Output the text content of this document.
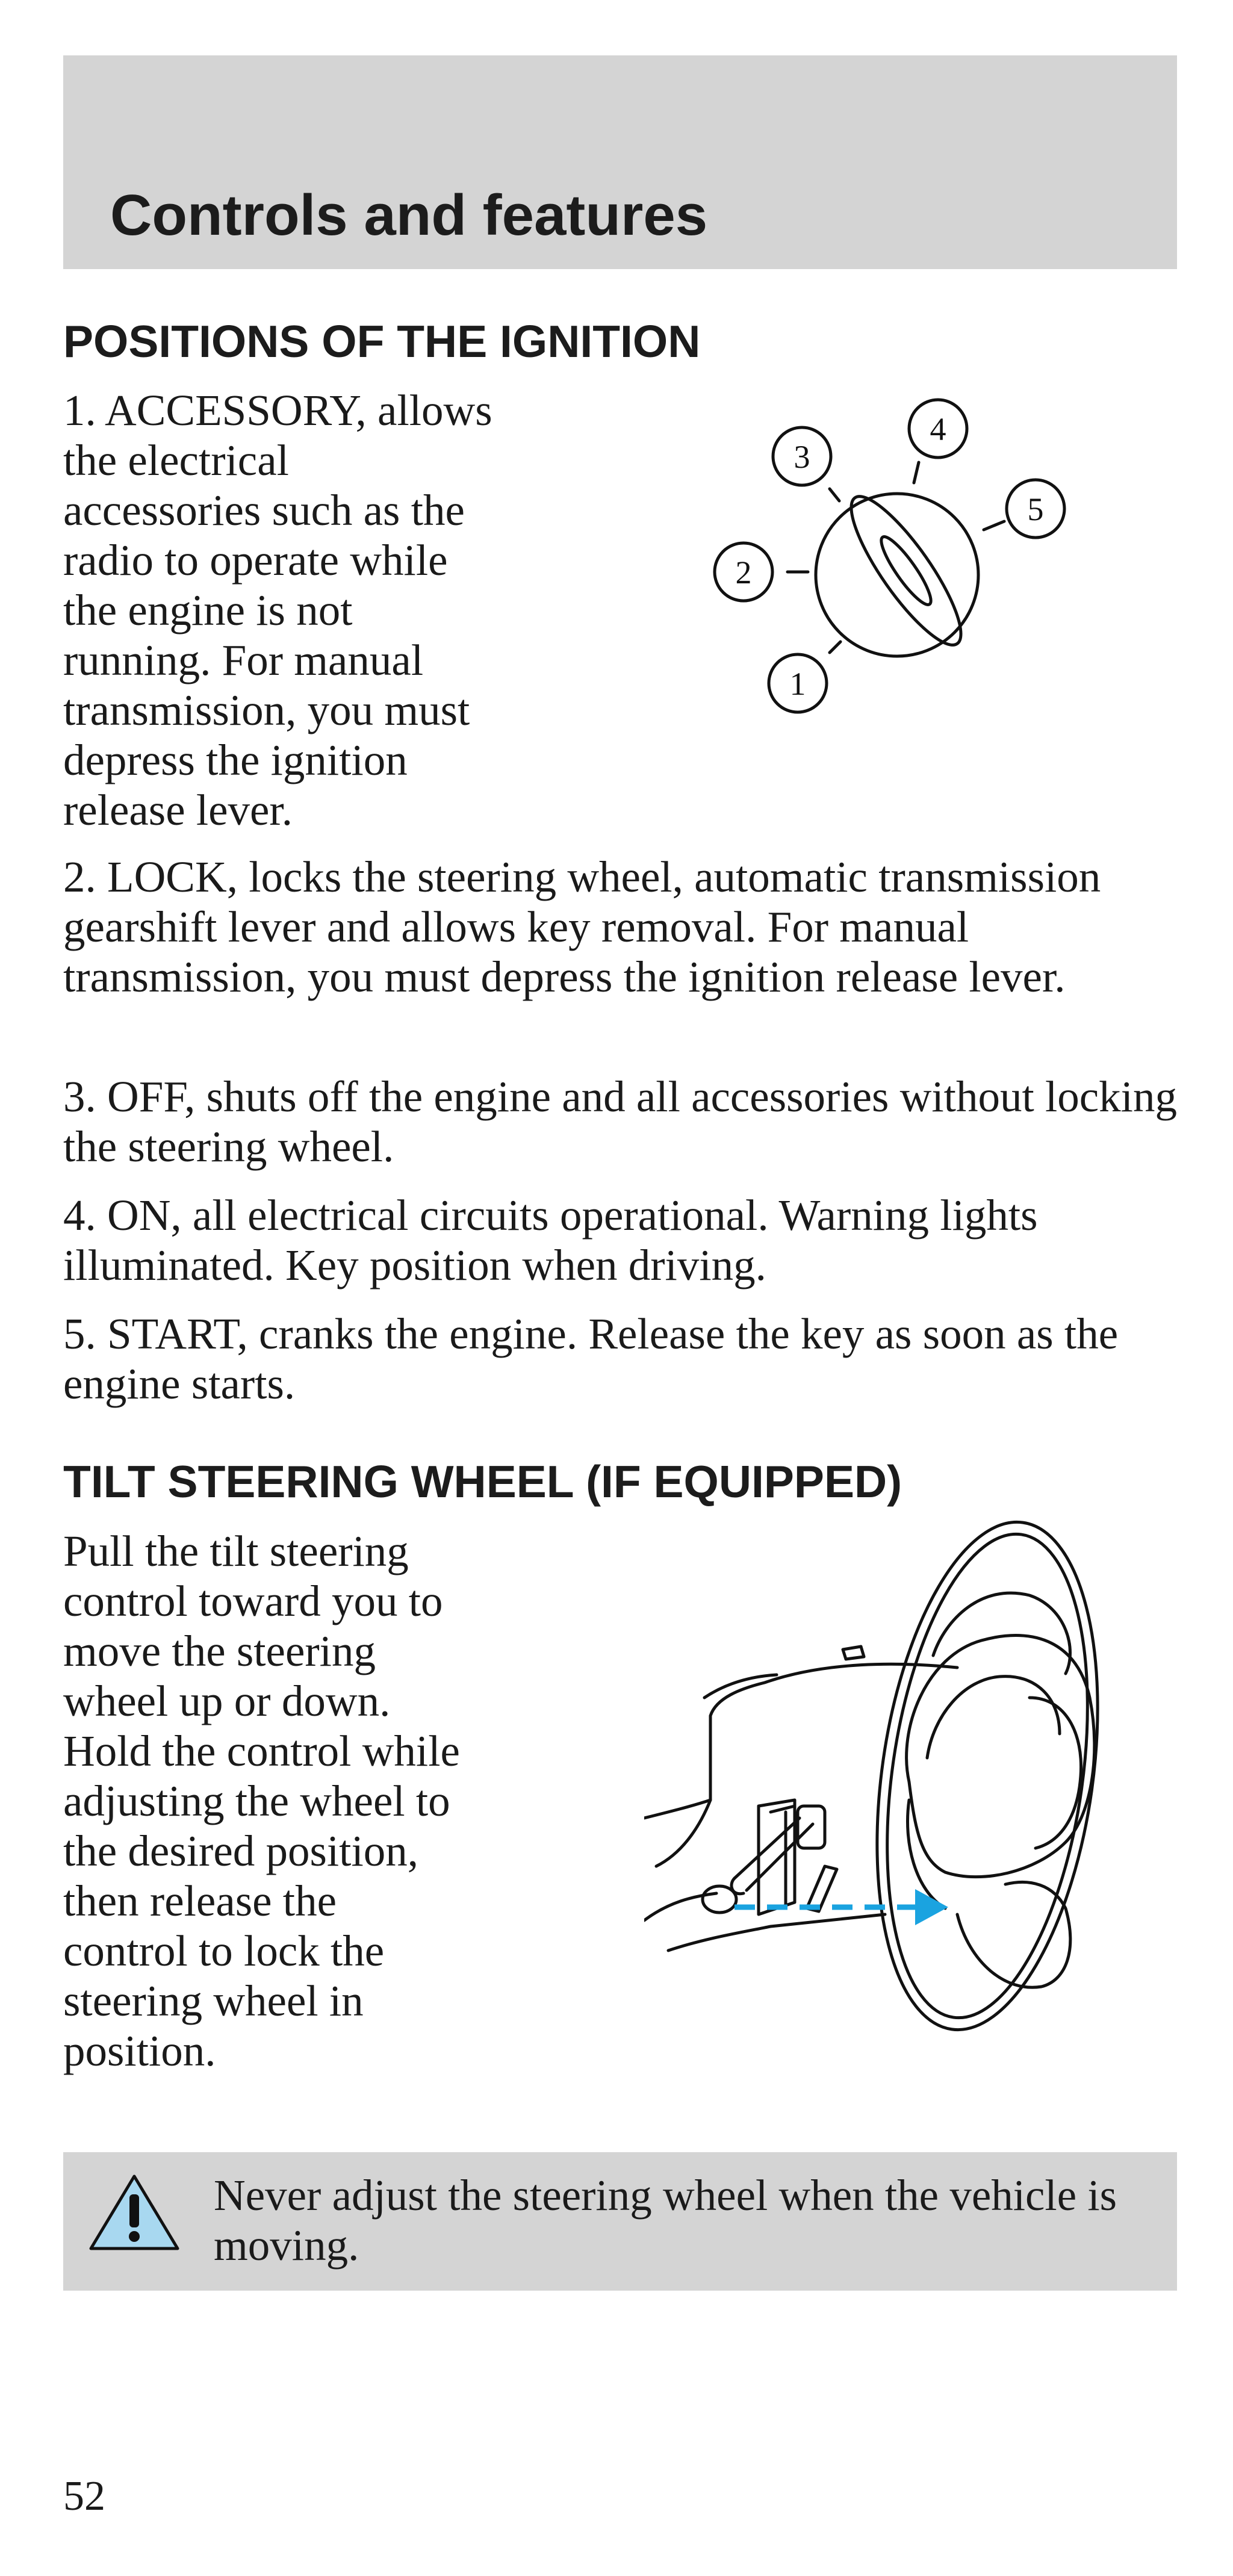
Controls and features
POSITIONS OF THE IGNITION

1. ACCESSORY, allows
the electrical
accessories such as the
radio to operate while
the engine is not
running. For manual
transmission, you must
depress the ignition
release lever.

1
2
3
4
5

2. LOCK, locks the steering wheel, automatic transmission gearshift lever and allows key removal. For manual transmission, you must depress the ignition release lever.

3. OFF, shuts off the engine and all accessories without locking the steering wheel.

4. ON, all electrical circuits operational. Warning lights illuminated. Key position when driving.

5. START, cranks the engine. Release the key as soon as the engine starts.

TILT STEERING WHEEL (IF EQUIPPED)

Pull the tilt steering
control toward you to
move the steering
wheel up or down.
Hold the control while
adjusting the wheel to
the desired position,
then release the
control to lock the
steering wheel in
position.

Never adjust the steering wheel when the vehicle is moving.

52
